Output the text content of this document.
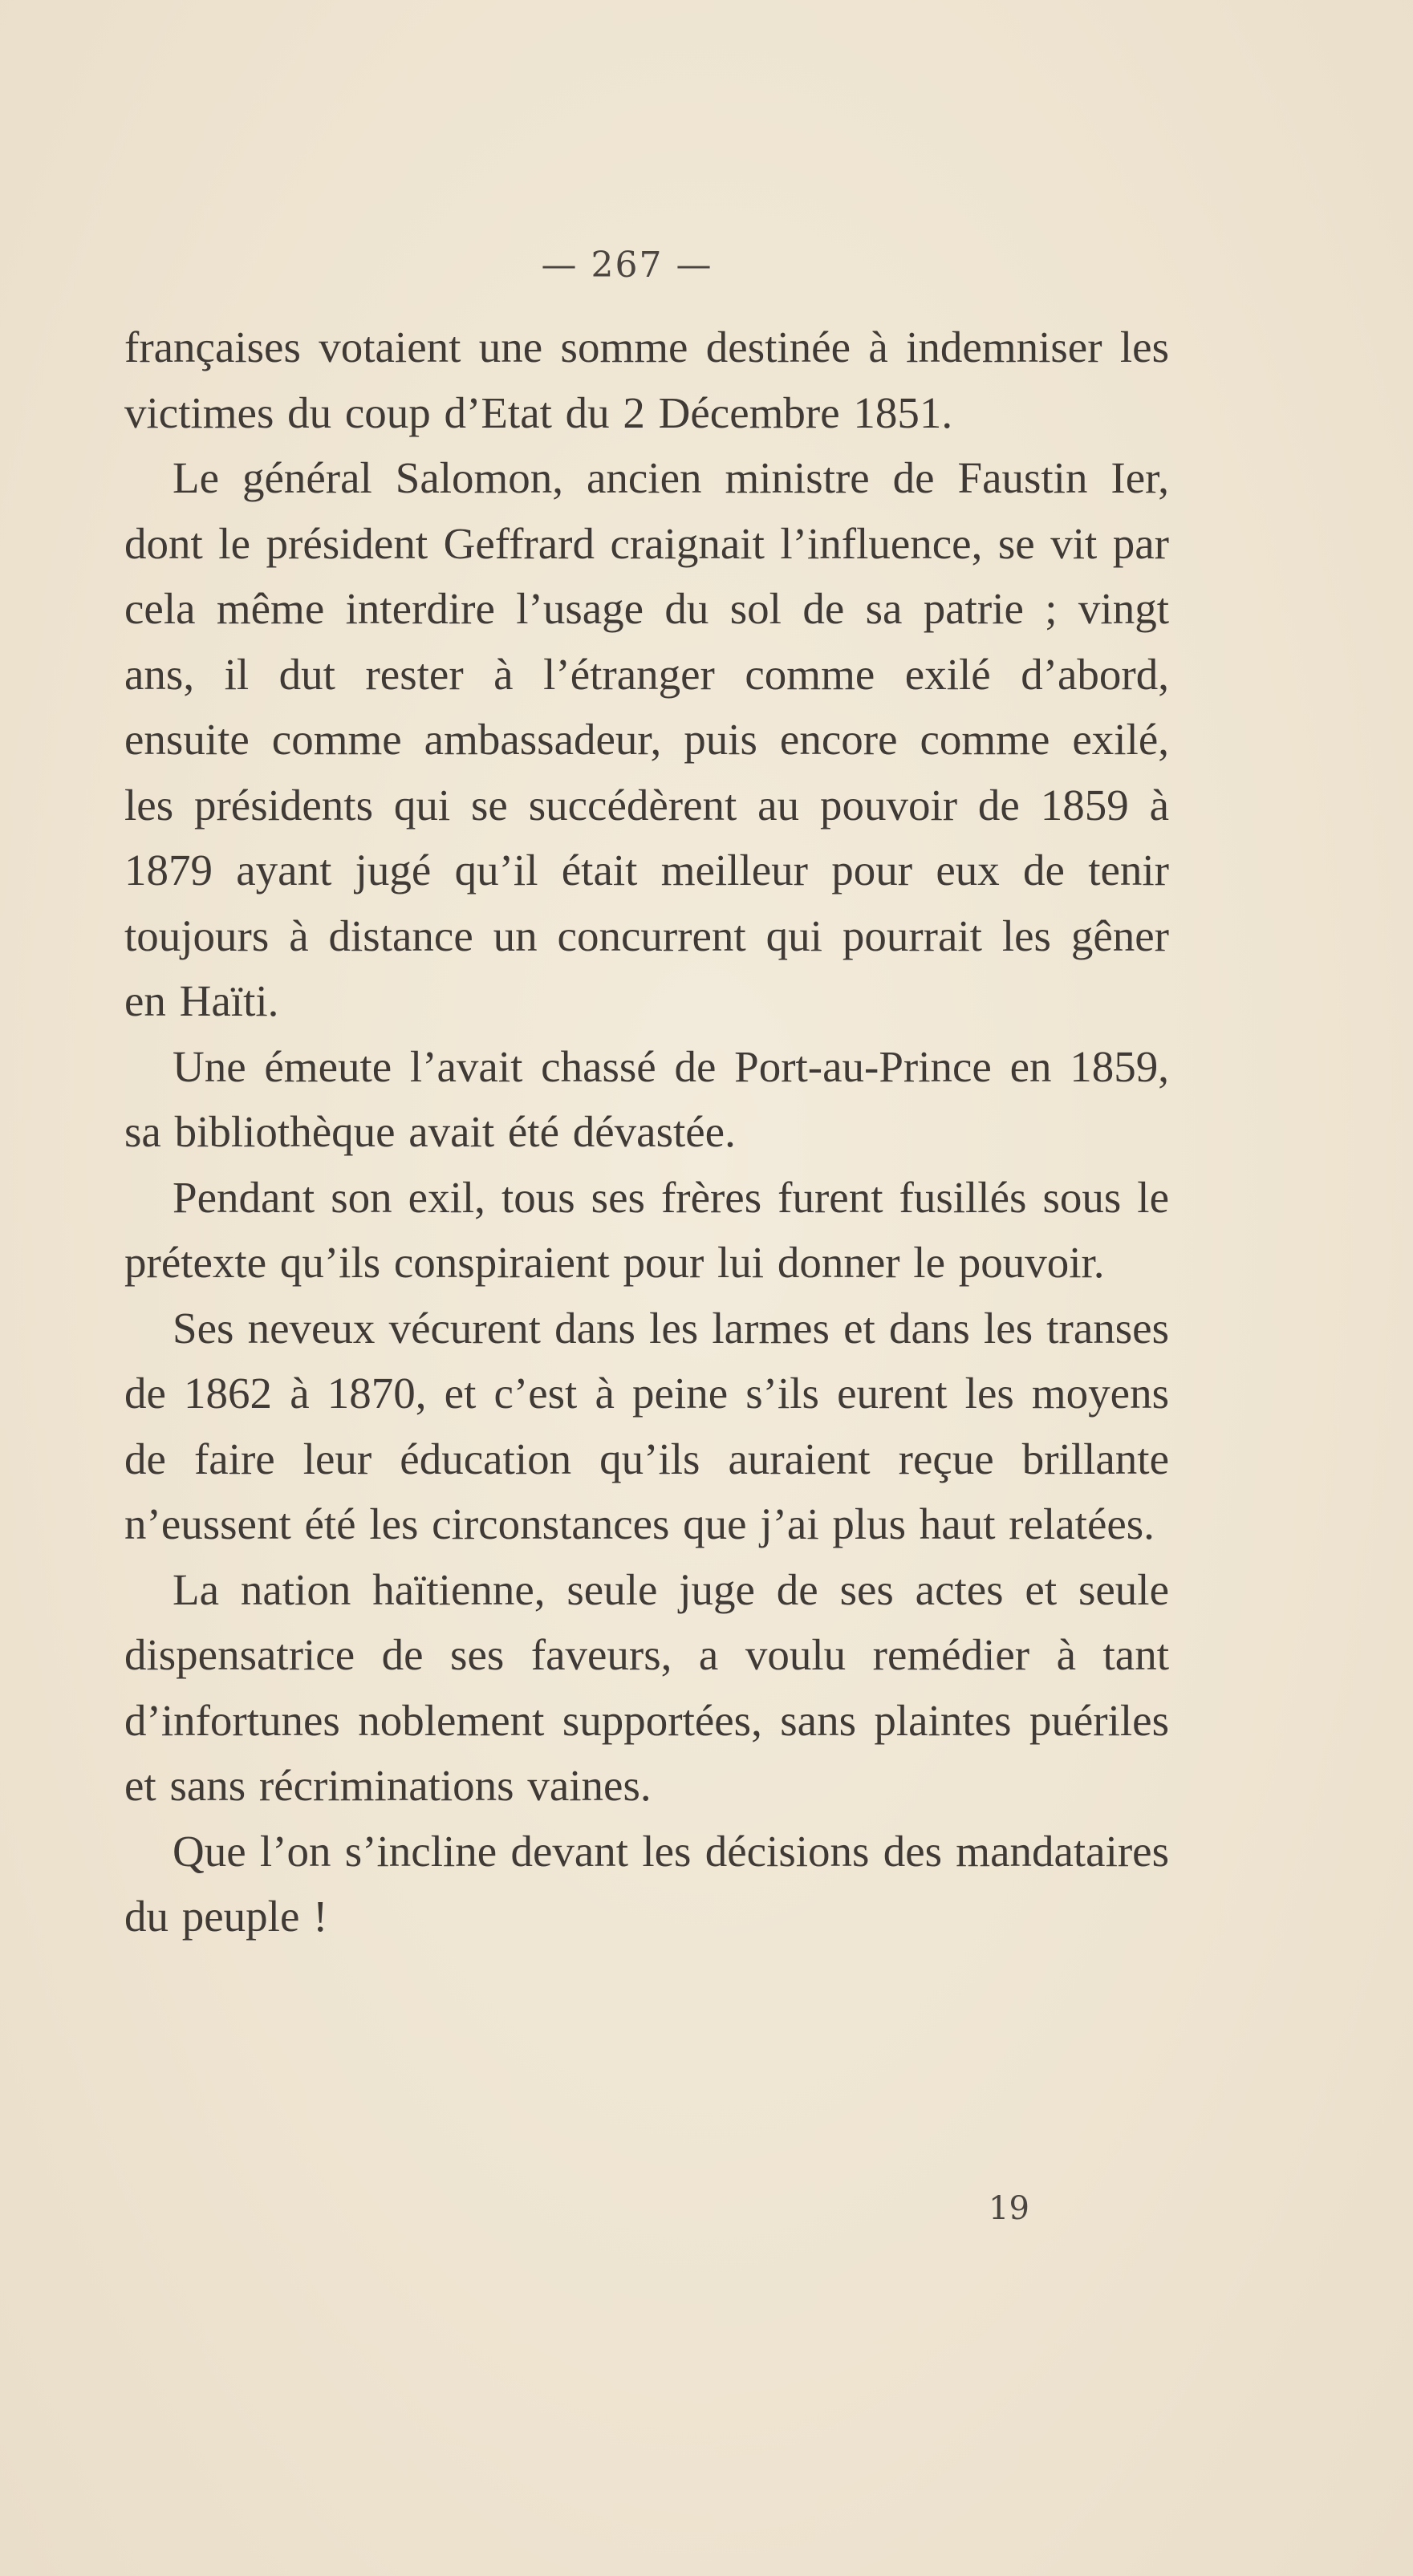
— 267 —

françaises votaient une somme destinée à indemniser les victimes du coup d’Etat du 2 Décembre 1851.

Le général Salomon, ancien ministre de Faustin Ier, dont le président Geffrard craignait l’influence, se vit par cela même interdire l’usage du sol de sa patrie ; vingt ans, il dut rester à l’étranger comme exilé d’abord, ensuite comme ambassadeur, puis encore comme exilé, les présidents qui se succédèrent au pouvoir de 1859 à 1879 ayant jugé qu’il était meilleur pour eux de tenir toujours à distance un concurrent qui pourrait les gêner en Haïti.

Une émeute l’avait chassé de Port-au-Prince en 1859, sa bibliothèque avait été dévastée.

Pendant son exil, tous ses frères furent fusillés sous le prétexte qu’ils conspiraient pour lui donner le pouvoir.

Ses neveux vécurent dans les larmes et dans les transes de 1862 à 1870, et c’est à peine s’ils eurent les moyens de faire leur éducation qu’ils auraient reçue brillante n’eussent été les circonstances que j’ai plus haut relatées.

La nation haïtienne, seule juge de ses actes et seule dispensatrice de ses faveurs, a voulu remédier à tant d’infortunes noblement supportées, sans plaintes puériles et sans récriminations vaines.

Que l’on s’incline devant les décisions des mandataires du peuple !

19
